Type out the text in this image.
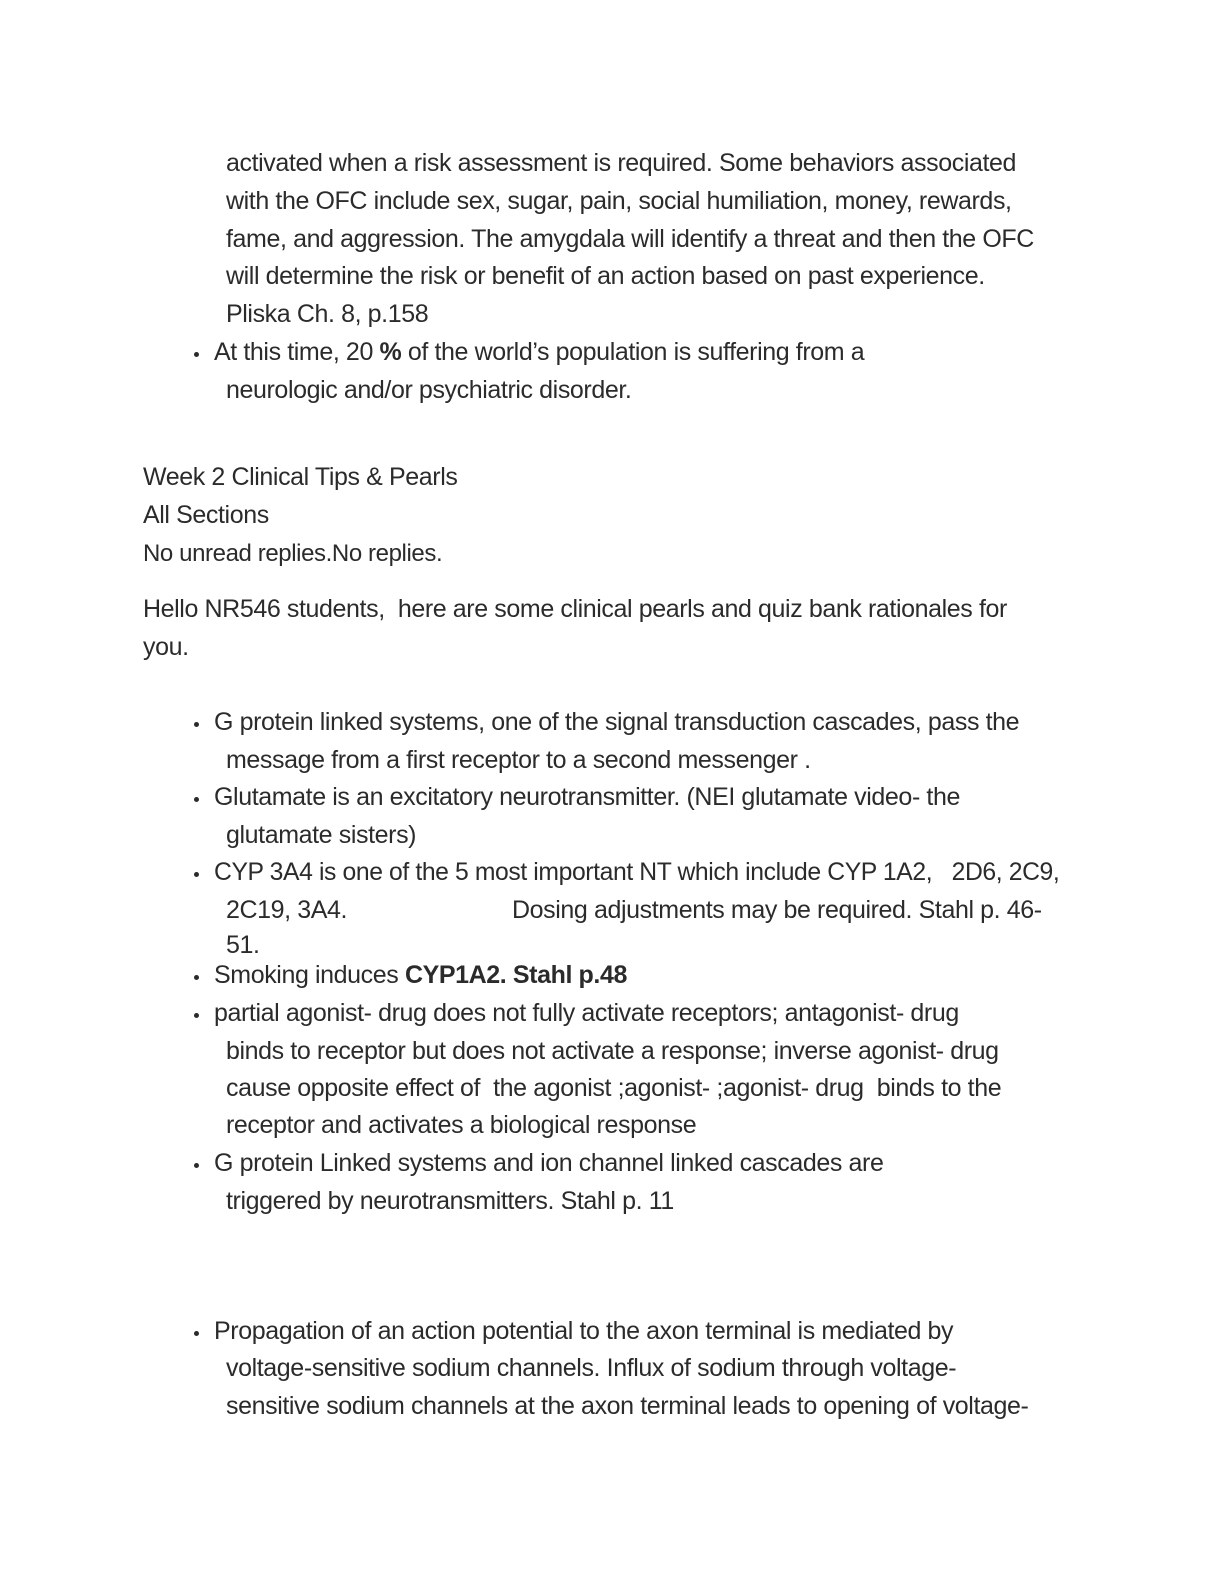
activated when a risk assessment is required. Some behaviors associated
with the OFC include sex, sugar, pain, social humiliation, money, rewards,
fame, and aggression. The amygdala will identify a threat and then the OFC
will determine the risk or benefit of an action based on past experience.
Pliska Ch. 8, p.158
At this time, 20 % of the world’s population is suffering from a
neurologic and/or psychiatric disorder.
Week 2 Clinical Tips & Pearls
All Sections
No unread replies.No replies.
Hello NR546 students,  here are some clinical pearls and quiz bank rationales for
you.
G protein linked systems, one of the signal transduction cascades, pass the
message from a first receptor to a second messenger .
Glutamate is an excitatory neurotransmitter. (NEI glutamate video- the
glutamate sisters)
CYP 3A4 is one of the 5 most important NT which include CYP 1A2,   2D6, 2C9,
2C19, 3A4.	Dosing adjustments may be required. Stahl p. 46-
51.
Smoking induces CYP1A2. Stahl p.48
partial agonist- drug does not fully activate receptors; antagonist- drug
binds to receptor but does not activate a response; inverse agonist- drug
cause opposite effect of  the agonist ;agonist- ;agonist- drug  binds to the
receptor and activates a biological response
G protein Linked systems and ion channel linked cascades are
triggered by neurotransmitters. Stahl p. 11
Propagation of an action potential to the axon terminal is mediated by
voltage-sensitive sodium channels. Influx of sodium through voltage-
sensitive sodium channels at the axon terminal leads to opening of voltage-
